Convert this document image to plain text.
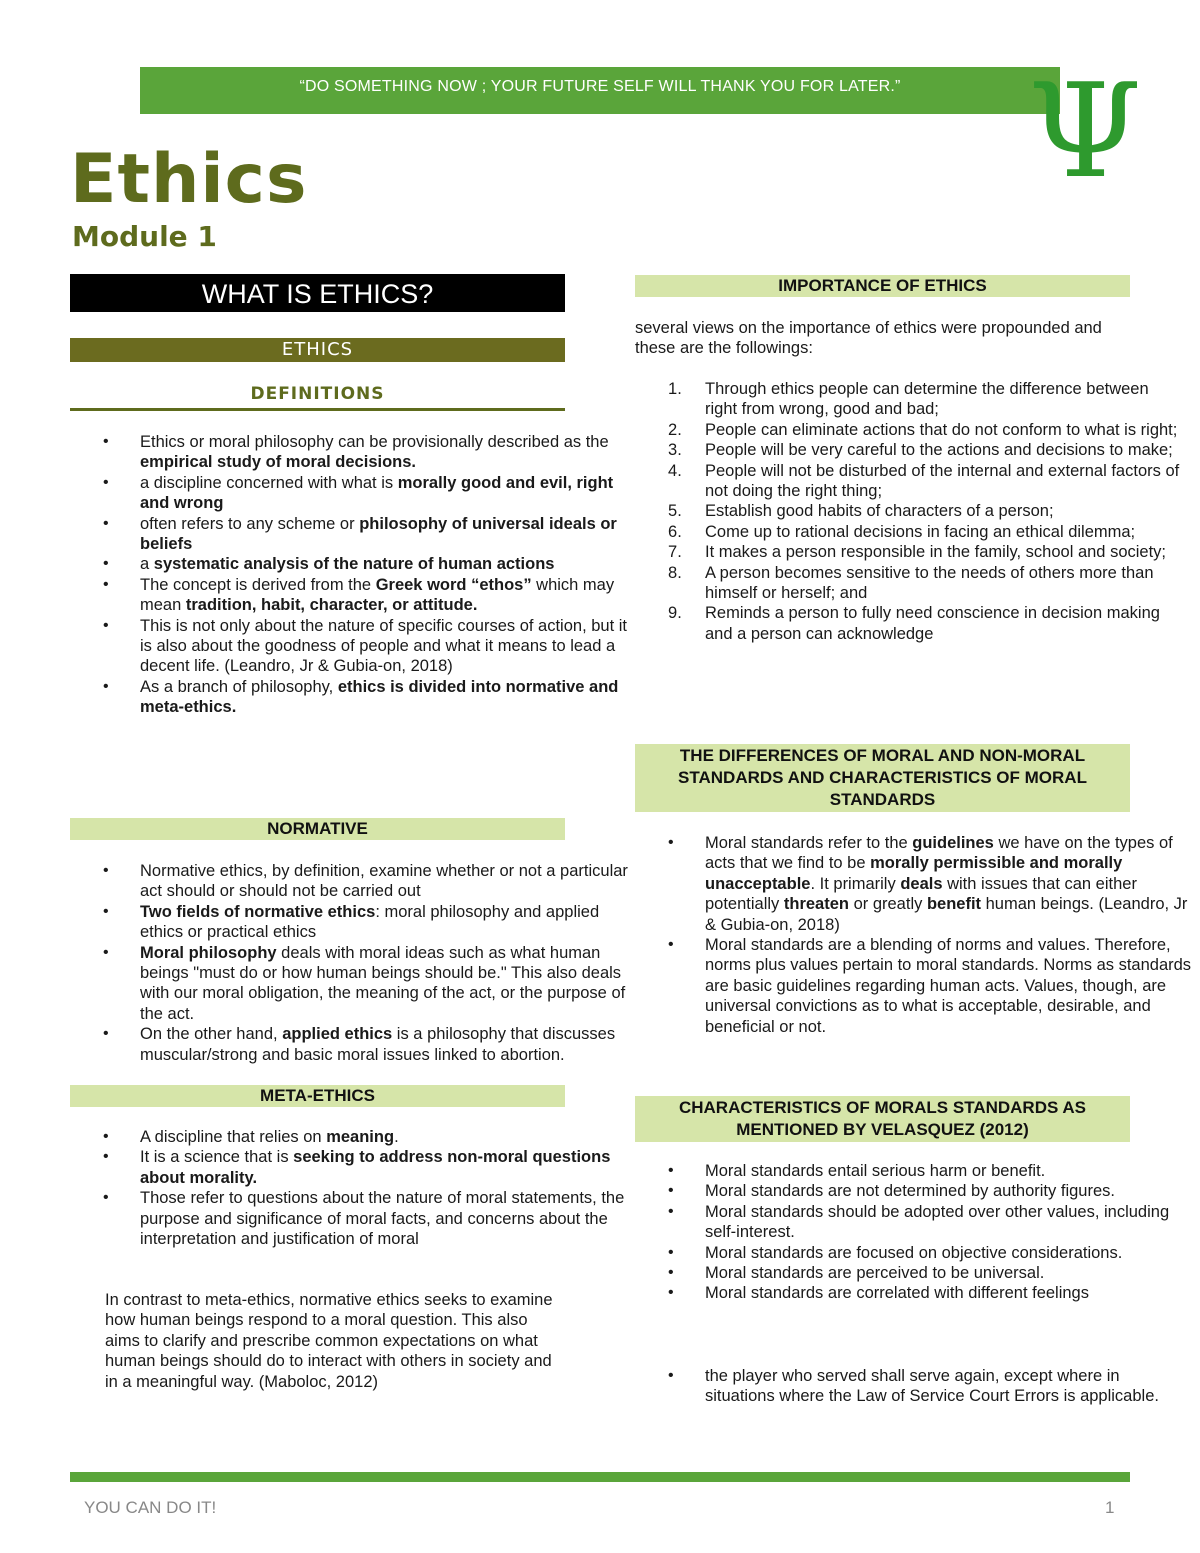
“DO SOMETHING NOW ; YOUR FUTURE SELF WILL THANK YOU FOR LATER.” Ψ
Ethics
Module 1
WHAT IS ETHICS?
ETHICS
DEFINITIONS
• Ethics or moral philosophy can be provisionally described as the empirical study of moral decisions.
• a discipline concerned with what is morally good and evil, right and wrong
• often refers to any scheme or philosophy of universal ideals or beliefs
• a systematic analysis of the nature of human actions
• The concept is derived from the Greek word “ethos” which may mean tradition, habit, character, or attitude.
• This is not only about the nature of specific courses of action, but it is also about the goodness of people and what it means to lead a decent life. (Leandro, Jr & Gubia-on, 2018)
• As a branch of philosophy, ethics is divided into normative and meta-ethics.
NORMATIVE
• Normative ethics, by definition, examine whether or not a particular act should or should not be carried out
• Two fields of normative ethics: moral philosophy and applied ethics or practical ethics
• Moral philosophy deals with moral ideas such as what human beings "must do or how human beings should be." This also deals with our moral obligation, the meaning of the act, or the purpose of the act.
• On the other hand, applied ethics is a philosophy that discusses muscular/strong and basic moral issues linked to abortion.
META-ETHICS
• A discipline that relies on meaning.
• It is a science that is seeking to address non-moral questions about morality.
• Those refer to questions about the nature of moral statements, the purpose and significance of moral facts, and concerns about the interpretation and justification of moral
In contrast to meta-ethics, normative ethics seeks to examine how human beings respond to a moral question. This also aims to clarify and prescribe common expectations on what human beings should do to interact with others in society and in a meaningful way. (Maboloc, 2012)
IMPORTANCE OF ETHICS
several views on the importance of ethics were propounded and these are the followings:
Through ethics people can determine the difference between right from wrong, good and bad;
People can eliminate actions that do not conform to what is right;
People will be very careful to the actions and decisions to make;
People will not be disturbed of the internal and external factors of not doing the right thing;
Establish good habits of characters of a person;
Come up to rational decisions in facing an ethical dilemma;
It makes a person responsible in the family, school and society;
A person becomes sensitive to the needs of others more than himself or herself; and
Reminds a person to fully need conscience in decision making and a person can acknowledge
THE DIFFERENCES OF MORAL AND NON-MORAL STANDARDS AND CHARACTERISTICS OF MORAL STANDARDS
• Moral standards refer to the guidelines we have on the types of acts that we find to be morally permissible and morally unacceptable. It primarily deals with issues that can either potentially threaten or greatly benefit human beings. (Leandro, Jr & Gubia-on, 2018)
• Moral standards are a blending of norms and values. Therefore, norms plus values pertain to moral standards. Norms as standards are basic guidelines regarding human acts. Values, though, are universal convictions as to what is acceptable, desirable, and beneficial or not.
CHARACTERISTICS OF MORALS STANDARDS AS MENTIONED BY VELASQUEZ (2012)
• Moral standards entail serious harm or benefit.
• Moral standards are not determined by authority figures.
• Moral standards should be adopted over other values, including self-interest.
• Moral standards are focused on objective considerations.
• Moral standards are perceived to be universal.
• Moral standards are correlated with different feelings
• the player who served shall serve again, except where in situations where the Law of Service Court Errors is applicable.
YOU CAN DO IT!	1
